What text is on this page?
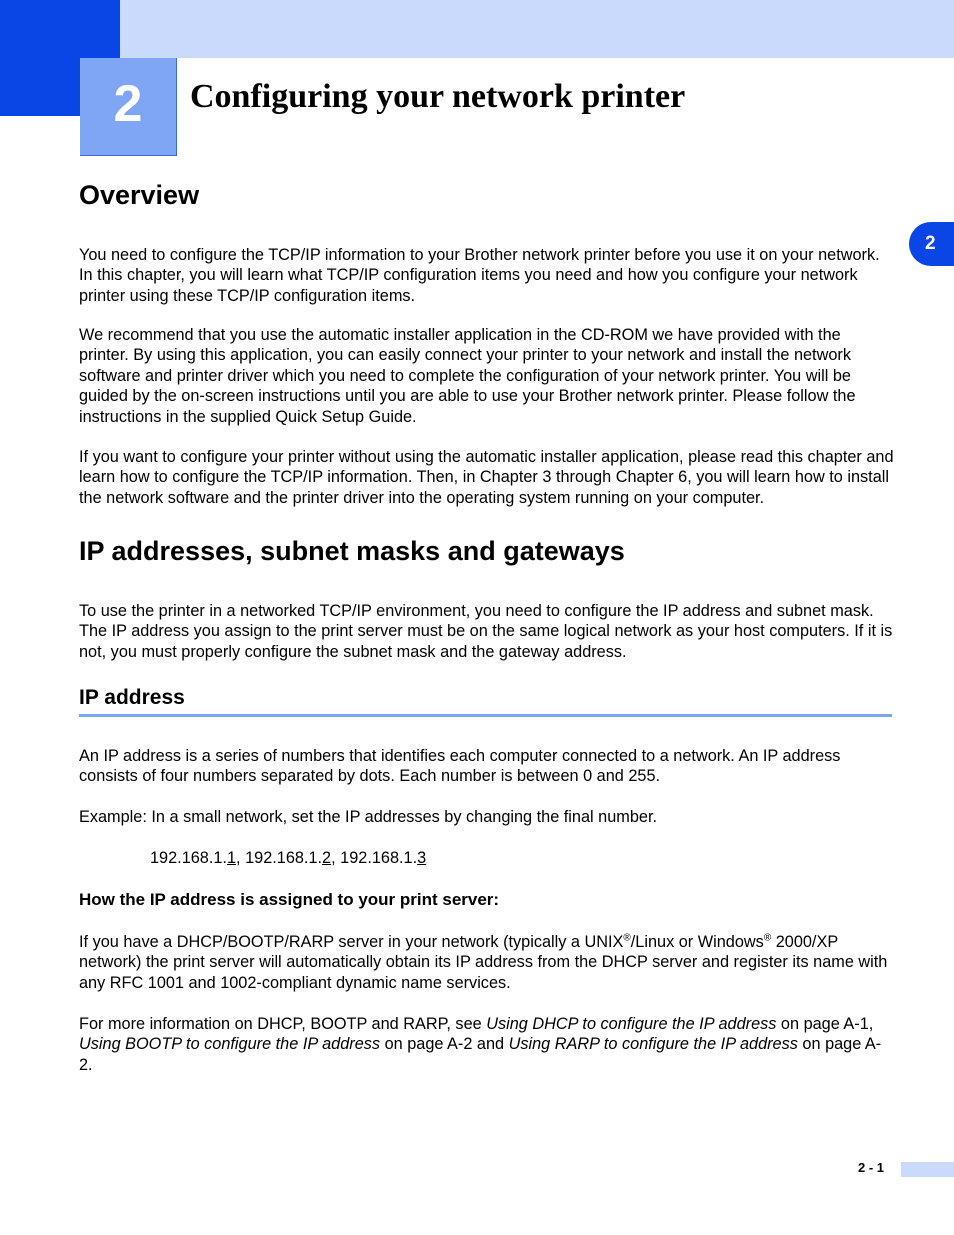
2	Configuring your network printer
2
Overview

You need to configure the TCP/IP information to your Brother network printer before you use it on your network. In this chapter, you will learn what TCP/IP configuration items you need and how you configure your network printer using these TCP/IP configuration items.

We recommend that you use the automatic installer application in the CD-ROM we have provided with the printer. By using this application, you can easily connect your printer to your network and install the network software and printer driver which you need to complete the configuration of your network printer. You will be guided by the on-screen instructions until you are able to use your Brother network printer. Please follow the instructions in the supplied Quick Setup Guide.

If you want to configure your printer without using the automatic installer application, please read this chapter and learn how to configure the TCP/IP information. Then, in Chapter 3 through Chapter 6, you will learn how to install the network software and the printer driver into the operating system running on your computer.

IP addresses, subnet masks and gateways

To use the printer in a networked TCP/IP environment, you need to configure the IP address and subnet mask. The IP address you assign to the print server must be on the same logical network as your host computers. If it is not, you must properly configure the subnet mask and the gateway address.

IP address

An IP address is a series of numbers that identifies each computer connected to a network. An IP address consists of four numbers separated by dots. Each number is between 0 and 255.

Example: In a small network, set the IP addresses by changing the final number.

192.168.1.1, 192.168.1.2, 192.168.1.3

How the IP address is assigned to your print server:

If you have a DHCP/BOOTP/RARP server in your network (typically a UNIX®/Linux or Windows® 2000/XP network) the print server will automatically obtain its IP address from the DHCP server and register its name with any RFC 1001 and 1002-compliant dynamic name services.

For more information on DHCP, BOOTP and RARP, see Using DHCP to configure the IP address on page A-1, Using BOOTP to configure the IP address on page A-2 and Using RARP to configure the IP address on page A-2.

2 - 1
